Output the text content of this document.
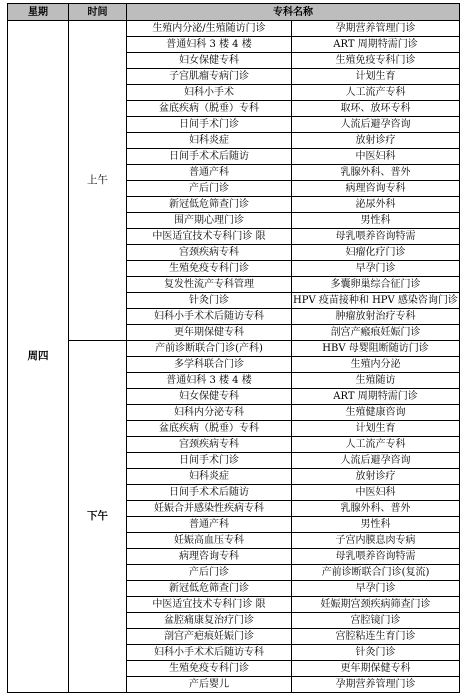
星期	时间	专科名称	
周四	上午	生殖内分泌/生殖随访门诊	孕期营养管理门诊
		普通妇科 3 楼 4 楼	ART 周期特需门诊
		妇女保健专科	生殖免疫专科门诊
		子宫肌瘤专病门诊	计划生育
		妇科小手术	人工流产专科
		盆底疾病（脱垂）专科	取环、放环专科
		日间手术门诊	人流后避孕咨询
		妇科炎症	放射诊疗
		日间手术术后随访	中医妇科
		普通产科	乳腺外科、普外
		产后门诊	病理咨询专科
		新冠低危筛查门诊	泌尿外科
		围产期心理门诊	男性科
		中医适宜技术专科门诊 限	母乳喂养咨询特需
		宫颈疾病专科	妇瘤化疗门诊
		生殖免疫专科门诊	早孕门诊
		复发性流产专科管理	多囊卵巢综合征门诊
		针灸门诊	HPV 疫苗接种和 HPV 感染咨询门诊
		妇科小手术术后随访专科	肿瘤放射治疗专科
		更年期保健专科	剖宫产瘢痕妊娠门诊
	下午	产前诊断联合门诊(产科)	HBV 母婴阻断随访门诊
		多学科联合门诊	生殖内分泌
		普通妇科 3 楼 4 楼	生殖随访
		妇女保健专科	ART 周期特需门诊
		妇科内分泌专科	生殖健康咨询
		盆底疾病（脱垂）专科	计划生育
		宫颈疾病专科	人工流产专科
		日间手术门诊	人流后避孕咨询
		妇科炎症	放射诊疗
		日间手术术后随访	中医妇科
		妊娠合并感染性疾病专科	乳腺外科、普外
		普通产科	男性科
		妊娠高血压专科	子宫内膜息肉专病
		病理咨询专科	母乳喂养咨询特需
		产后门诊	产前诊断联合门诊(复流)
		新冠低危筛查门诊	早孕门诊
		中医适宜技术专科门诊 限	妊娠期宫颈疾病筛查门诊
		盆腔痛康复治疗门诊	宫腔镜门诊
		剖宫产疤痕妊娠门诊	宫腔粘连生育门诊
		妇科小手术术后随访专科	针灸门诊
		生殖免疫专科门诊	更年期保健专科
		产后婴儿	孕期营养管理门诊
